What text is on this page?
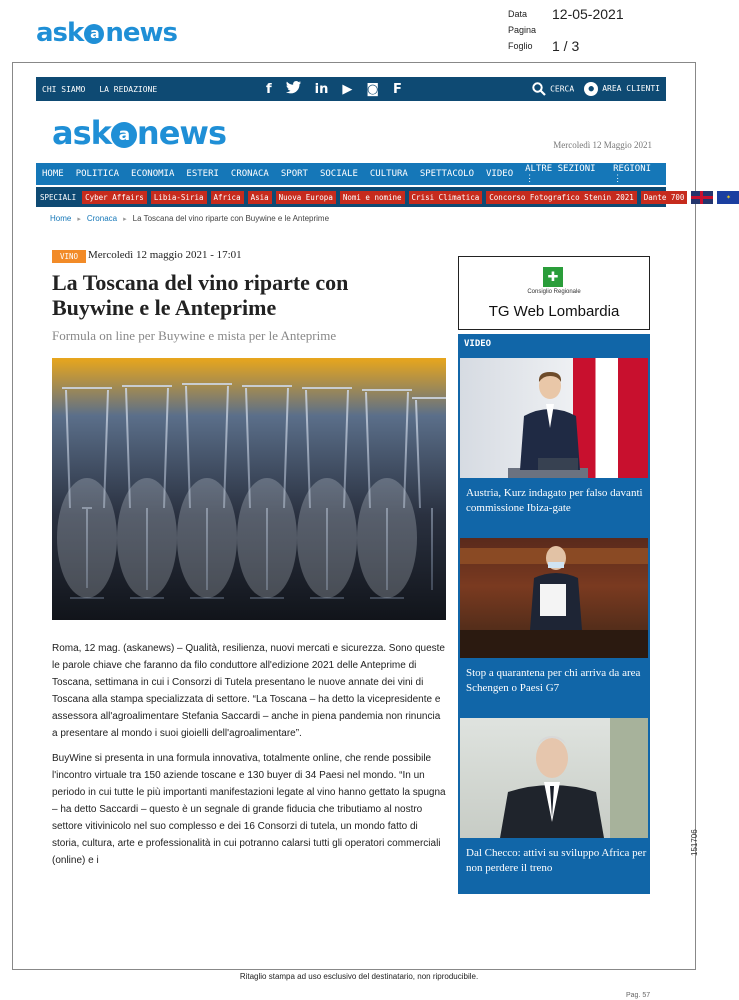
ask a news
Data	12-05-2021
Pagina
Foglio	1 / 3
CHI SIAMO LA REDAZIONE	f	in ▶ ◙ F	CERCA	● AREA CLIENTI
ask a news	Mercoledì 12 Maggio 2021
HOME POLITICA ECONOMIA ESTERI CRONACA SPORT SOCIALE CULTURA SPETTACOLO VIDEO ALTRE SEZIONI ⋮
REGIONI ⋮
SPECIALI	Cyber Affairs	Libia-Siria	Africa	Asia	Nuova Europa	Nomi e nomine	Crisi Climatica	Concorso Fotografico Stenin 2021	Dante 700	✶
Home ▸ Cronaca ▸ La Toscana del vino riparte con Buywine e le Anteprime
VINO Mercoledì 12 maggio 2021 - 17:01
La Toscana del vino riparte con Buywine e le Anteprime
Formula on line per Buywine e mista per le Anteprime

Roma, 12 mag. (askanews) – Qualità, resilienza, nuovi mercati e sicurezza. Sono queste le parole chiave che faranno da filo conduttore all'edizione 2021 delle Anteprime di Toscana, settimana in cui i Consorzi di Tutela presentano le nuove annate dei vini di Toscana alla stampa specializzata di settore. “La Toscana – ha detto la vicepresidente e assessora all'agroalimentare Stefania Saccardi – anche in piena pandemia non rinuncia a presentare al mondo i suoi gioielli dell'agroalimentare”.

BuyWine si presenta in una formula innovativa, totalmente online, che rende possibile l'incontro virtuale tra 150 aziende toscane e 130 buyer di 34 Paesi nel mondo. “In un periodo in cui tutte le più importanti manifestazioni legate al vino hanno gettato la spugna – ha detto Saccardi – questo è un segnale di grande fiducia che tributiamo al nostro settore vitivinicolo nel suo complesso e dei 16 Consorzi di tutela, un mondo fatto di storia, cultura, arte e professionalità in cui potranno calarsi tutti gli operatori commerciali (online) e i

✚
Consiglio Regionale
TG Web Lombardia
VIDEO
Austria, Kurz indagato per falso davanti commissione Ibiza-gate
Stop a quarantena per chi arriva da area Schengen o Paesi G7
Dal Checco: attivi su sviluppo Africa per non perdere il treno
Ritaglio stampa ad uso esclusivo del destinatario, non riproducibile.
151706
Pag. 57
